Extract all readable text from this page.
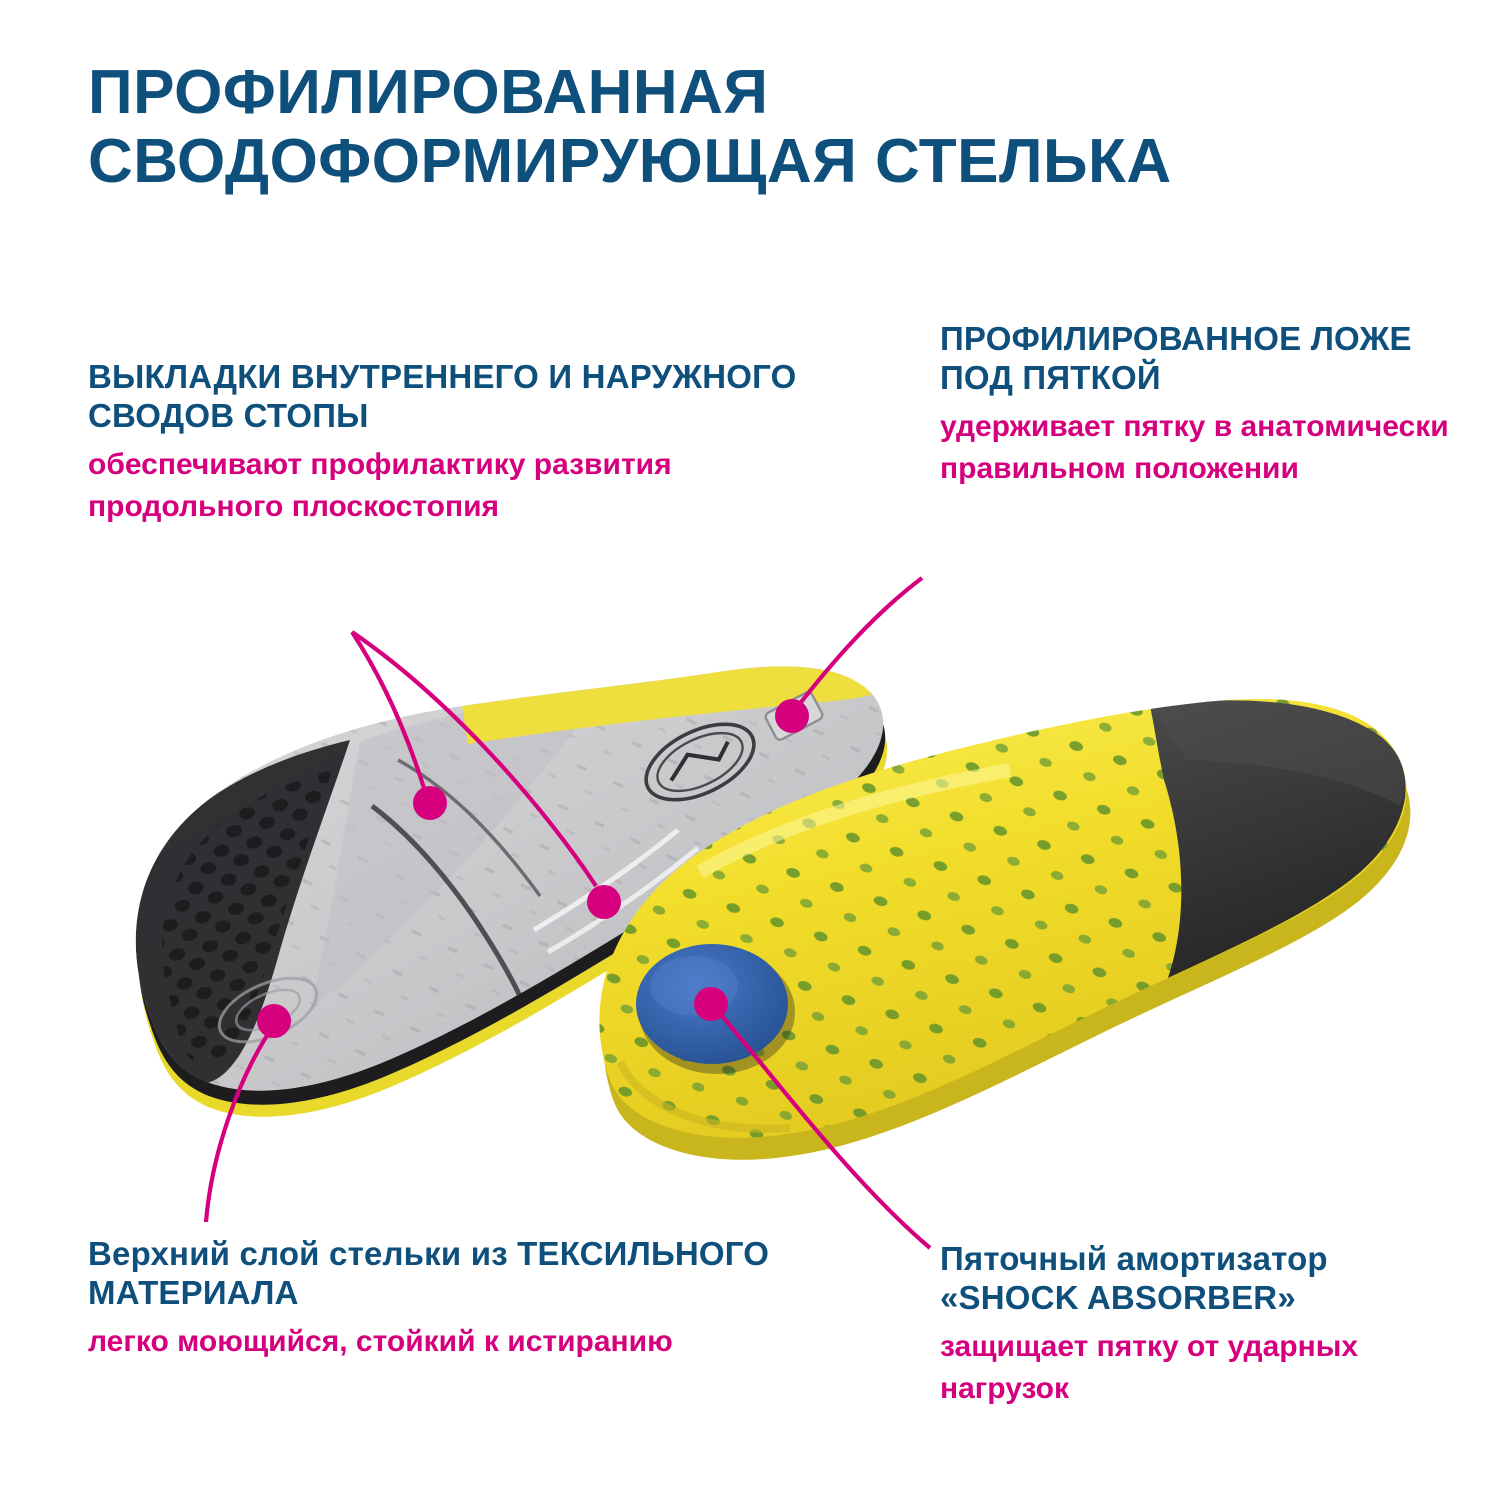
ПРОФИЛИРОВАННАЯ СВОДОФОРМИРУЮЩАЯ СТЕЛЬКА
ВЫКЛАДКИ ВНУТРЕННЕГО И НАРУЖНОГО СВОДОВ СТОПЫ
обеспечивают профилактику развития продольного плоскостопия
ПРОФИЛИРОВАННОЕ ЛОЖЕ ПОД ПЯТКОЙ
удерживает пятку в анатомически правильном положении
Верхний слой стельки из ТЕКСИЛЬНОГО МАТЕРИАЛА
легко моющийся, стойкий к истиранию
Пяточный амортизатор «SHOCK ABSORBER»
защищает пятку от ударных нагрузок
